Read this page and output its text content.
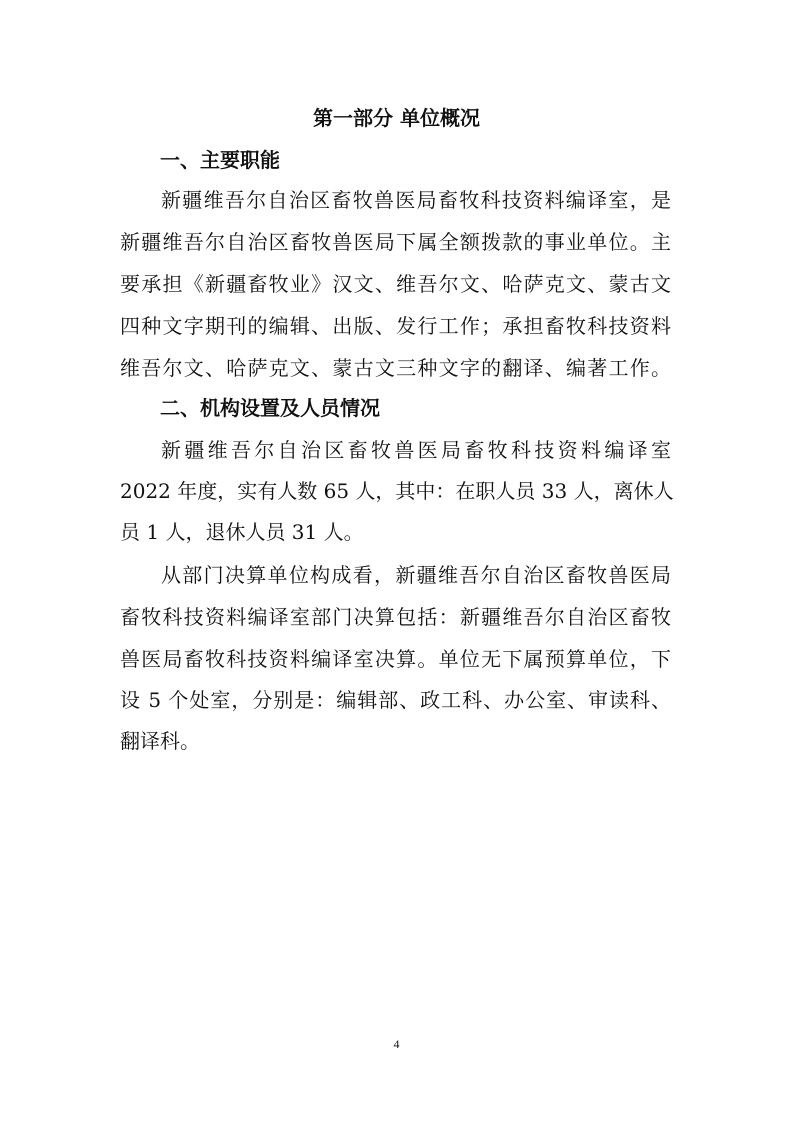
第一部分 单位概况
一、主要职能
新疆维吾尔自治区畜牧兽医局畜牧科技资料编译室，是
新疆维吾尔自治区畜牧兽医局下属全额拨款的事业单位。主
要承担《新疆畜牧业》汉文、维吾尔文、哈萨克文、蒙古文
四种文字期刊的编辑、出版、发行工作；承担畜牧科技资料
维吾尔文、哈萨克文、蒙古文三种文字的翻译、编著工作。
二、机构设置及人员情况
新疆维吾尔自治区畜牧兽医局畜牧科技资料编译室
2022 年度，实有人数 65 人，其中：在职人员 33 人，离休人
员 1 人，退休人员 31 人。
从部门决算单位构成看，新疆维吾尔自治区畜牧兽医局
畜牧科技资料编译室部门决算包括：新疆维吾尔自治区畜牧
兽医局畜牧科技资料编译室决算。单位无下属预算单位，下
设 5 个处室，分别是：编辑部、政工科、办公室、审读科、
翻译科。
4
